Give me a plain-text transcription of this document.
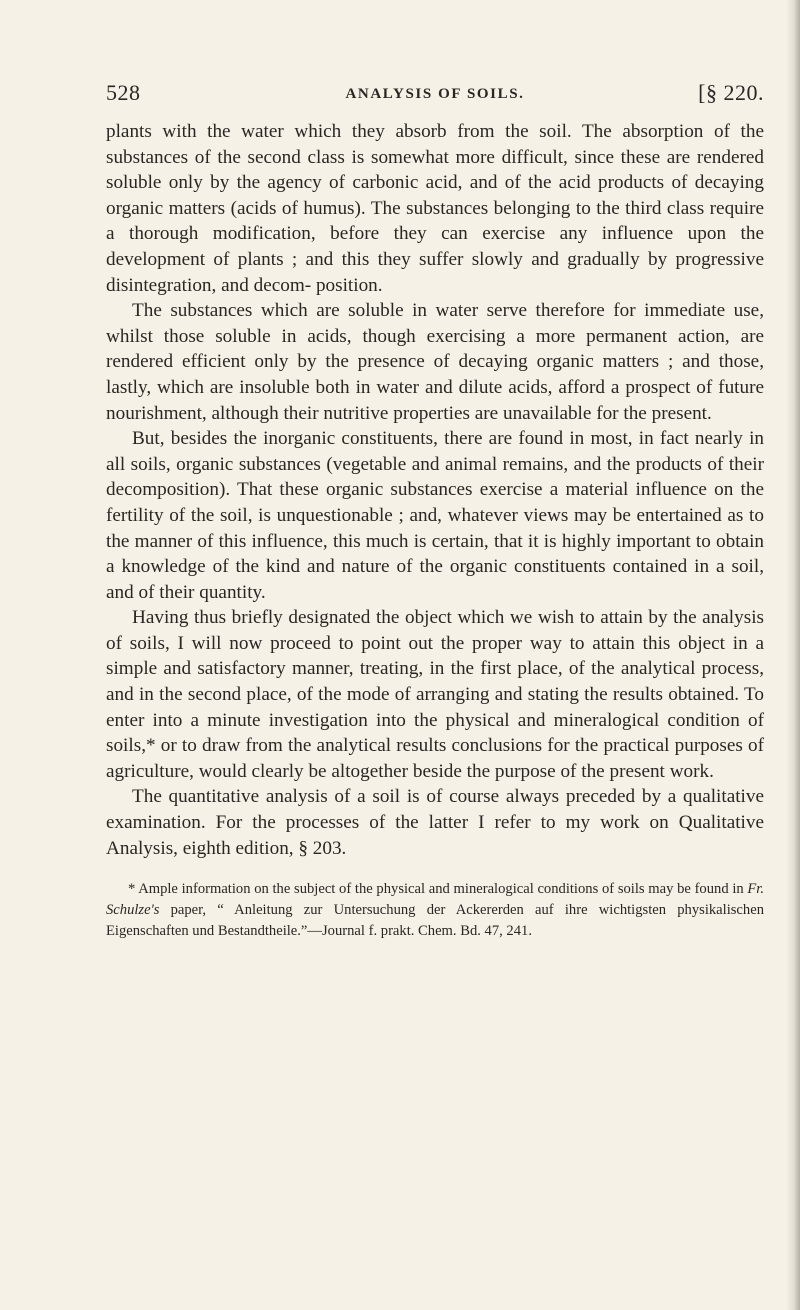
528	ANALYSIS OF SOILS.	[§ 220.

plants with the water which they absorb from the soil. The absorption of the substances of the second class is somewhat more difficult, since these are rendered soluble only by the agency of carbonic acid, and of the acid products of decaying organic matters (acids of humus). The substances belonging to the third class require a thorough modification, before they can exercise any influence upon the development of plants ; and this they suffer slowly and gradually by progressive disintegration, and decom- position.

The substances which are soluble in water serve therefore for immediate use, whilst those soluble in acids, though exercising a more permanent action, are rendered efficient only by the presence of decaying organic matters ; and those, lastly, which are insoluble both in water and dilute acids, afford a prospect of future nourishment, although their nutritive properties are unavailable for the present.

But, besides the inorganic constituents, there are found in most, in fact nearly in all soils, organic substances (vegetable and animal remains, and the products of their decomposition). That these organic substances exercise a material influence on the fertility of the soil, is unquestionable ; and, whatever views may be entertained as to the manner of this influence, this much is certain, that it is highly important to obtain a knowledge of the kind and nature of the organic constituents contained in a soil, and of their quantity.

Having thus briefly designated the object which we wish to attain by the analysis of soils, I will now proceed to point out the proper way to attain this object in a simple and satisfactory manner, treating, in the first place, of the analytical process, and in the second place, of the mode of arranging and stating the results obtained. To enter into a minute investigation into the physical and mineralogical condition of soils,* or to draw from the analytical results conclusions for the practical purposes of agriculture, would clearly be altogether beside the purpose of the present work.

The quantitative analysis of a soil is of course always preceded by a qualitative examination. For the processes of the latter I refer to my work on Qualitative Analysis, eighth edition, § 203.

* Ample information on the subject of the physical and mineralogical conditions of soils may be found in Fr. Schulze's paper, “ Anleitung zur Untersuchung der Ackererden auf ihre wichtigsten physikalischen Eigenschaften und Bestandtheile.”—Journal f. prakt. Chem. Bd. 47, 241.
